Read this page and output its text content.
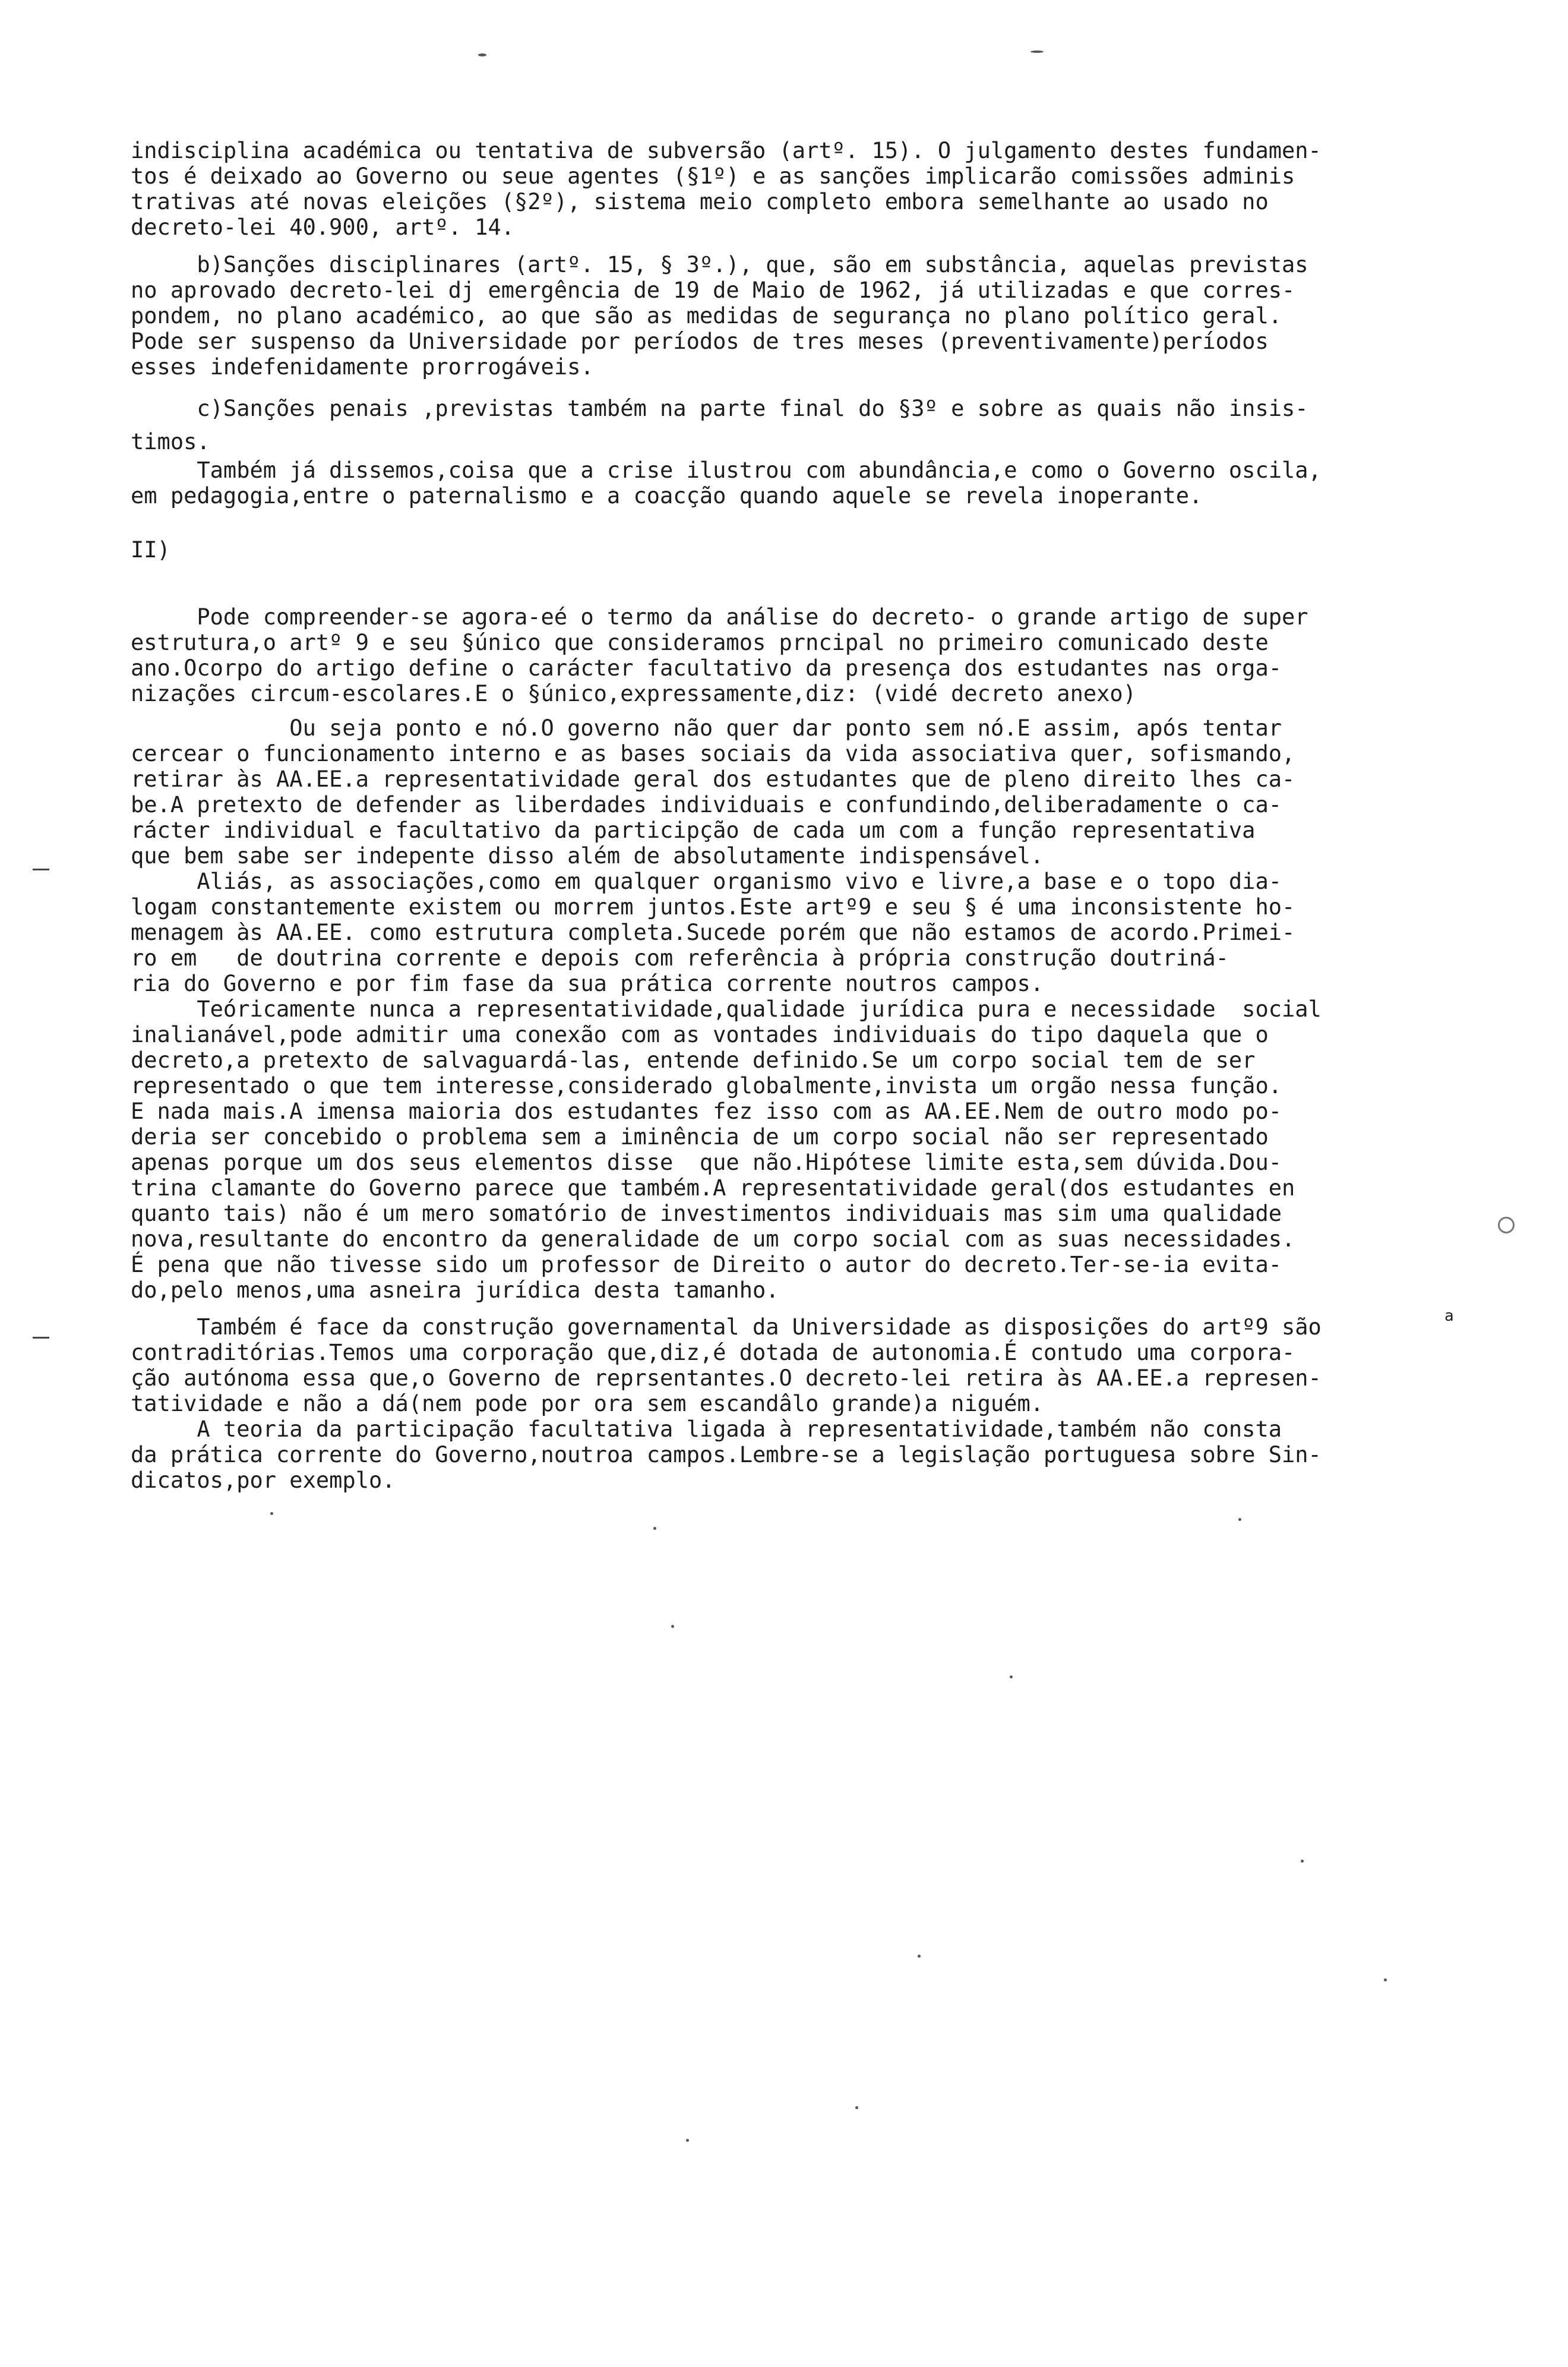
indisciplina académica ou tentativa de subversão (artº. 15). O julgamento destes fundamen-
tos é deixado ao Governo ou seue agentes (§1º) e as sanções implicarão comissões adminis
trativas até novas eleições (§2º), sistema meio completo embora semelhante ao usado no
decreto-lei 40.900, artº. 14.
b)Sanções disciplinares (artº. 15, § 3º.), que, são em substância, aquelas previstas
no aprovado decreto-lei dj emergência de 19 de Maio de 1962, já utilizadas e que corres-
pondem, no plano académico, ao que são as medidas de segurança no plano político geral.
Pode ser suspenso da Universidade por períodos de tres meses (preventivamente)períodos
esses indefenidamente prorrogáveis.
c)Sanções penais ,previstas também na parte final do §3º e sobre as quais não insis-
timos.
Também já dissemos,coisa que a crise ilustrou com abundância,e como o Governo oscila,
em pedagogia,entre o paternalismo e a coacção quando aquele se revela inoperante.
II)
Pode compreender-se agora-eé o termo da análise do decreto- o grande artigo de super
estrutura,o artº 9 e seu §único que consideramos prncipal no primeiro comunicado deste
ano.Ocorpo do artigo define o carácter facultativo da presença dos estudantes nas orga-
nizações circum-escolares.E o §único,expressamente,diz: (vidé decreto anexo)
Ou seja ponto e nó.O governo não quer dar ponto sem nó.E assim, após tentar
cercear o funcionamento interno e as bases sociais da vida associativa quer, sofismando,
retirar às AA.EE.a representatividade geral dos estudantes que de pleno direito lhes ca-
be.A pretexto de defender as liberdades individuais e confundindo,deliberadamente o ca-
rácter individual e facultativo da participção de cada um com a função representativa
que bem sabe ser indepente disso além de absolutamente indispensável.
Aliás, as associações,como em qualquer organismo vivo e livre,a base e o topo dia-
logam constantemente existem ou morrem juntos.Este artº9 e seu § é uma inconsistente ho-
menagem às AA.EE. como estrutura completa.Sucede porém que não estamos de acordo.Primei-
ro em   de doutrina corrente e depois com referência à própria construção doutriná-
ria do Governo e por fim fase da sua prática corrente noutros campos.
Teóricamente nunca a representatividade,qualidade jurídica pura e necessidade  social
inalianável,pode admitir uma conexão com as vontades individuais do tipo daquela que o
decreto,a pretexto de salvaguardá-las, entende definido.Se um corpo social tem de ser
representado o que tem interesse,considerado globalmente,invista um orgão nessa função.
E nada mais.A imensa maioria dos estudantes fez isso com as AA.EE.Nem de outro modo po-
deria ser concebido o problema sem a iminência de um corpo social não ser representado
apenas porque um dos seus elementos disse  que não.Hipótese limite esta,sem dúvida.Dou-
trina clamante do Governo parece que também.A representatividade geral(dos estudantes en
quanto tais) não é um mero somatório de investimentos individuais mas sim uma qualidade
nova,resultante do encontro da generalidade de um corpo social com as suas necessidades.
É pena que não tivesse sido um professor de Direito o autor do decreto.Ter-se-ia evita-
do,pelo menos,uma asneira jurídica desta tamanho.
Também é face da construção governamental da Universidade as disposições do artº9 são
contraditórias.Temos uma corporação que,diz,é dotada de autonomia.É contudo uma corpora-
ção autónoma essa que,o Governo de reprsentantes.O decreto-lei retira às AA.EE.a represen-
tatividade e não a dá(nem pode por ora sem escandâlo grande)a niguém.
A teoria da participação facultativa ligada à representatividade,também não consta
da prática corrente do Governo,noutroa campos.Lembre-se a legislação portuguesa sobre Sin-
dicatos,por exemplo.
a
